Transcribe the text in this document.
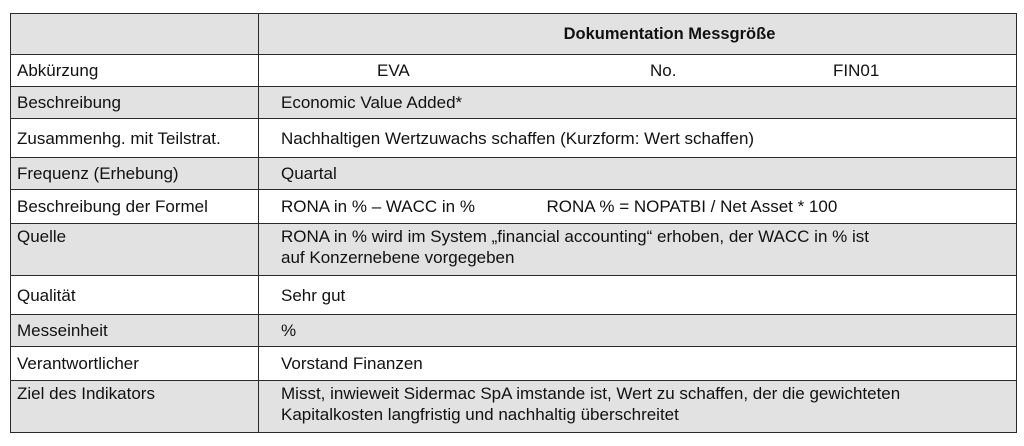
	Dokumentation Messgröße
Abkürzung	EVA No. FIN01

Beschreibung	Economic Value Added*
Zusammenhg. mit Teilstrat.	Nachhaltigen Wertzuwachs schaffen (Kurzform: Wert schaffen)
Frequenz (Erhebung)	Quartal
Beschreibung der Formel	RONA in % – WACC in % RONA % = NOPATBI / Net Asset * 100
Quelle	RONA in % wird im System „financial accounting“ erhoben, der WACC in % ist
auf Konzernebene vorgegeben

Qualität	Sehr gut
Messeinheit	%
Verantwortlicher	Vorstand Finanzen
Ziel des Indikators	Misst, inwieweit Sidermac SpA imstande ist, Wert zu schaffen, der die gewichteten
Kapitalkosten langfristig und nachhaltig überschreitet
